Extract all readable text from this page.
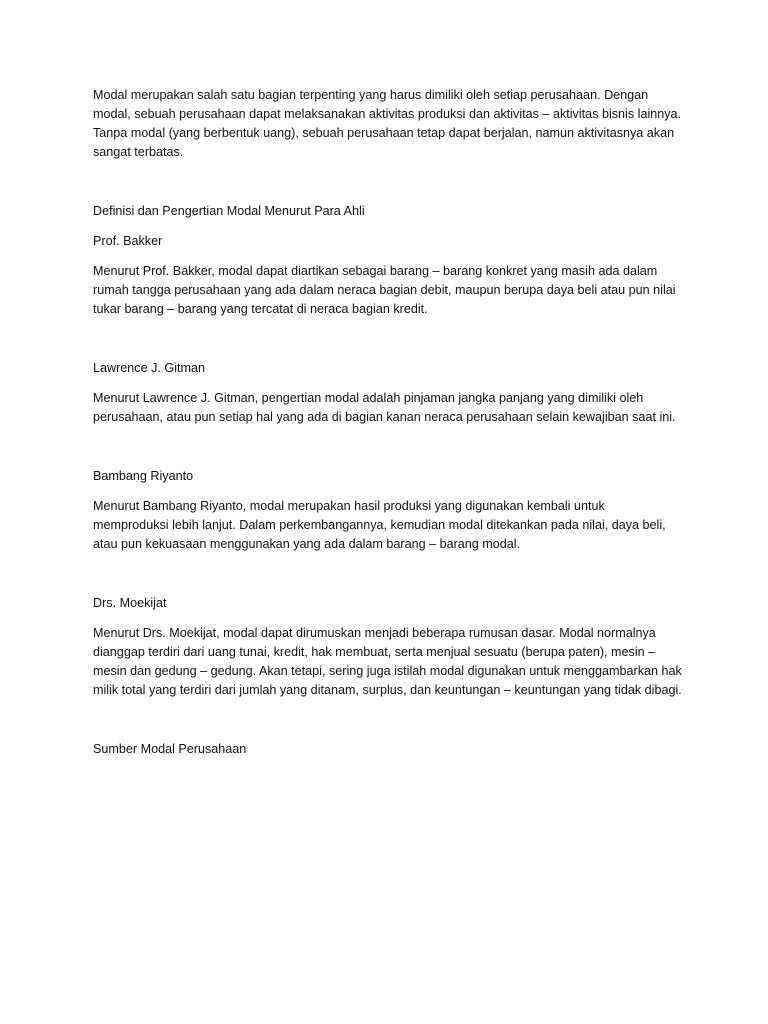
Modal merupakan salah satu bagian terpenting yang harus dimiliki oleh setiap perusahaan. Dengan modal, sebuah perusahaan dapat melaksanakan aktivitas produksi dan aktivitas – aktivitas bisnis lainnya. Tanpa modal (yang berbentuk uang), sebuah perusahaan tetap dapat berjalan, namun aktivitasnya akan sangat terbatas.

Definisi dan Pengertian Modal Menurut Para Ahli

Prof. Bakker

Menurut Prof. Bakker, modal dapat diartikan sebagai barang – barang konkret yang masih ada dalam rumah tangga perusahaan yang ada dalam neraca bagian debit, maupun berupa daya beli atau pun nilai tukar barang – barang yang tercatat di neraca bagian kredit.

Lawrence J. Gitman

Menurut Lawrence J. Gitman, pengertian modal adalah pinjaman jangka panjang yang dimiliki oleh perusahaan, atau pun setiap hal yang ada di bagian kanan neraca perusahaan selain kewajiban saat ini.

Bambang Riyanto

Menurut Bambang Riyanto, modal merupakan hasil produksi yang digunakan kembali untuk memproduksi lebih lanjut. Dalam perkembangannya, kemudian modal ditekankan pada nilai, daya beli, atau pun kekuasaan menggunakan yang ada dalam barang – barang modal.

Drs. Moekijat

Menurut Drs. Moekijat, modal dapat dirumuskan menjadi beberapa rumusan dasar. Modal normalnya dianggap terdiri dari uang tunai, kredit, hak membuat, serta menjual sesuatu (berupa paten), mesin – mesin dan gedung – gedung. Akan tetapi, sering juga istilah modal digunakan untuk menggambarkan hak milik total yang terdiri dari jumlah yang ditanam, surplus, dan keuntungan – keuntungan yang tidak dibagi.

Sumber Modal Perusahaan
